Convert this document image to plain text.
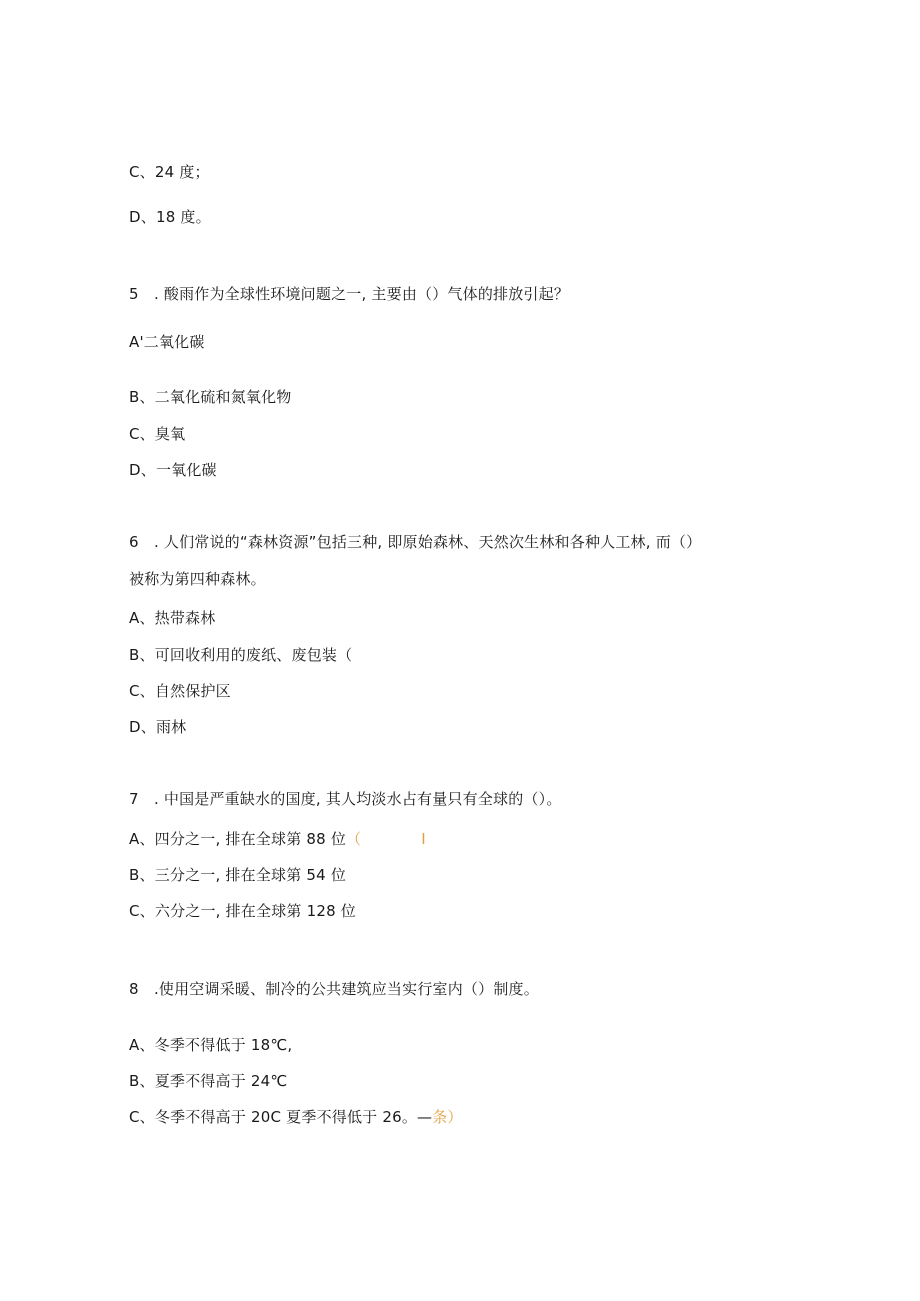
C、24 度；
D、18 度。
5　. 酸雨作为全球性环境问题之一, 主要由（）气体的排放引起？
A'二氧化碳
B、二氧化硫和氮氧化物
C、臭氧
D、一氧化碳
6　. 人们常说的“森林资源”包括三种, 即原始森林、天然次生林和各种人工林, 而（）
被称为第四种森林。
A、热带森林
B、可回收利用的废纸、废包装（
C、自然保护区
D、雨林
7　. 中国是严重缺水的国度, 其人均淡水占有量只有全球的（）。
A、四分之一, 排在全球第 88 位（	I
B、三分之一, 排在全球第 54 位
C、六分之一, 排在全球第 128 位
8　.使用空调采暖、制冷的公共建筑应当实行室内（）制度。
A、冬季不得低于 18℃,
B、夏季不得高于 24℃
C、冬季不得高于 20C 夏季不得低于 26。—条）
